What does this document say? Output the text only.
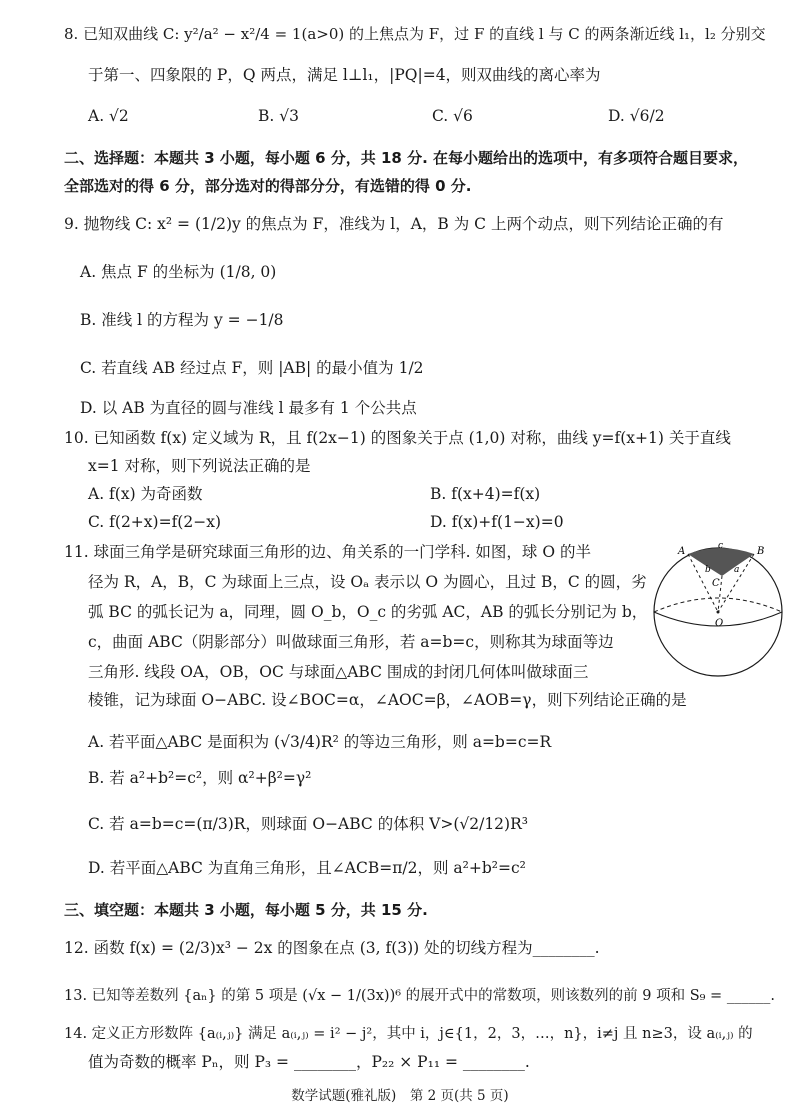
8. 已知双曲线 C: y²/a² − x²/4 = 1(a>0) 的上焦点为 F，过 F 的直线 l 与 C 的两条渐近线 l₁，l₂ 分别交
于第一、四象限的 P，Q 两点，满足 l⊥l₁，|PQ|=4，则双曲线的离心率为
A. √2	B. √3	C. √6	D. √6/2
二、选择题：本题共 3 小题，每小题 6 分，共 18 分. 在每小题给出的选项中，有多项符合题目要求，
全部选对的得 6 分，部分选对的得部分分，有选错的得 0 分.
9. 抛物线 C: x² = (1/2)y 的焦点为 F，准线为 l，A，B 为 C 上两个动点，则下列结论正确的有
A. 焦点 F 的坐标为 (1/8, 0)
B. 准线 l 的方程为 y = −1/8
C. 若直线 AB 经过点 F，则 |AB| 的最小值为 1/2
D. 以 AB 为直径的圆与准线 l 最多有 1 个公共点
10. 已知函数 f(x) 定义域为 R，且 f(2x−1) 的图象关于点 (1,0) 对称，曲线 y=f(x+1) 关于直线
x=1 对称，则下列说法正确的是
A. f(x) 为奇函数	B. f(x+4)=f(x)
C. f(2+x)=f(2−x)	D. f(x)+f(1−x)=0
11. 球面三角学是研究球面三角形的边、角关系的一门学科. 如图，球 O 的半
径为 R，A，B，C 为球面上三点，设 Oₐ 表示以 O 为圆心，且过 B，C 的圆，劣
弧 BC 的弧长记为 a，同理，圆 O_b，O_c 的劣弧 AC，AB 的弧长分别记为 b，
c，曲面 ABC（阴影部分）叫做球面三角形，若 a=b=c，则称其为球面等边
三角形. 线段 OA，OB，OC 与球面△ABC 围成的封闭几何体叫做球面三
棱锥，记为球面 O−ABC. 设∠BOC=α，∠AOC=β，∠AOB=γ，则下列结论正确的是
A	B
C
O
c
b	a
A. 若平面△ABC 是面积为 (√3/4)R² 的等边三角形，则 a=b=c=R
B. 若 a²+b²=c²，则 α²+β²=γ²
C. 若 a=b=c=(π/3)R，则球面 O−ABC 的体积 V>(√2/12)R³
D. 若平面△ABC 为直角三角形，且∠ACB=π/2，则 a²+b²=c²
三、填空题：本题共 3 小题，每小题 5 分，共 15 分.
12. 函数 f(x) = (2/3)x³ − 2x 的图象在点 (3, f(3)) 处的切线方程为________.
13. 已知等差数列 {aₙ} 的第 5 项是 (√x − 1/(3x))⁶ 的展开式中的常数项，则该数列的前 9 项和 S₉ = ______.
14. 定义正方形数阵 {a₍ᵢ,ⱼ₎} 满足 a₍ᵢ,ⱼ₎ = i² − j²，其中 i，j∈{1，2，3，…，n}，i≠j 且 n≥3，设 a₍ᵢ,ⱼ₎ 的
值为奇数的概率 Pₙ，则 P₃ = ________，P₂₂ × P₁₁ = ________.
数学试题(雅礼版)　第 2 页(共 5 页)
